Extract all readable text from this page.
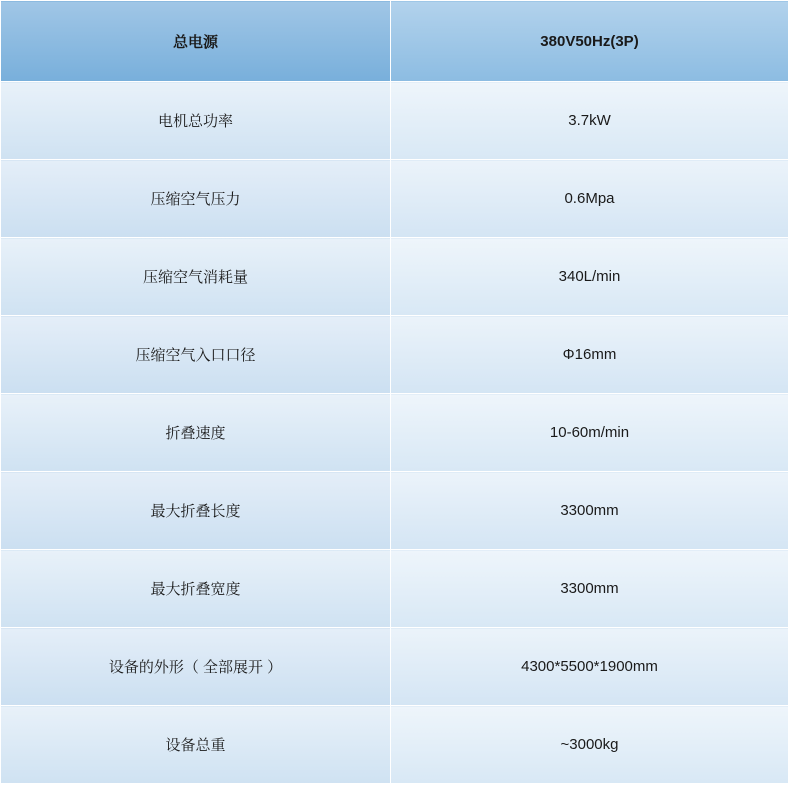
总电源	380V50Hz(3P)
电机总功率	3.7kW
压缩空气压力	0.6Mpa
压缩空气消耗量	340L/min
压缩空气入口口径	Φ16mm
折叠速度	10-60m/min
最大折叠长度	3300mm
最大折叠宽度	3300mm
设备的外形（ 全部展开 ）	4300*5500*1900mm
设备总重	~3000kg
